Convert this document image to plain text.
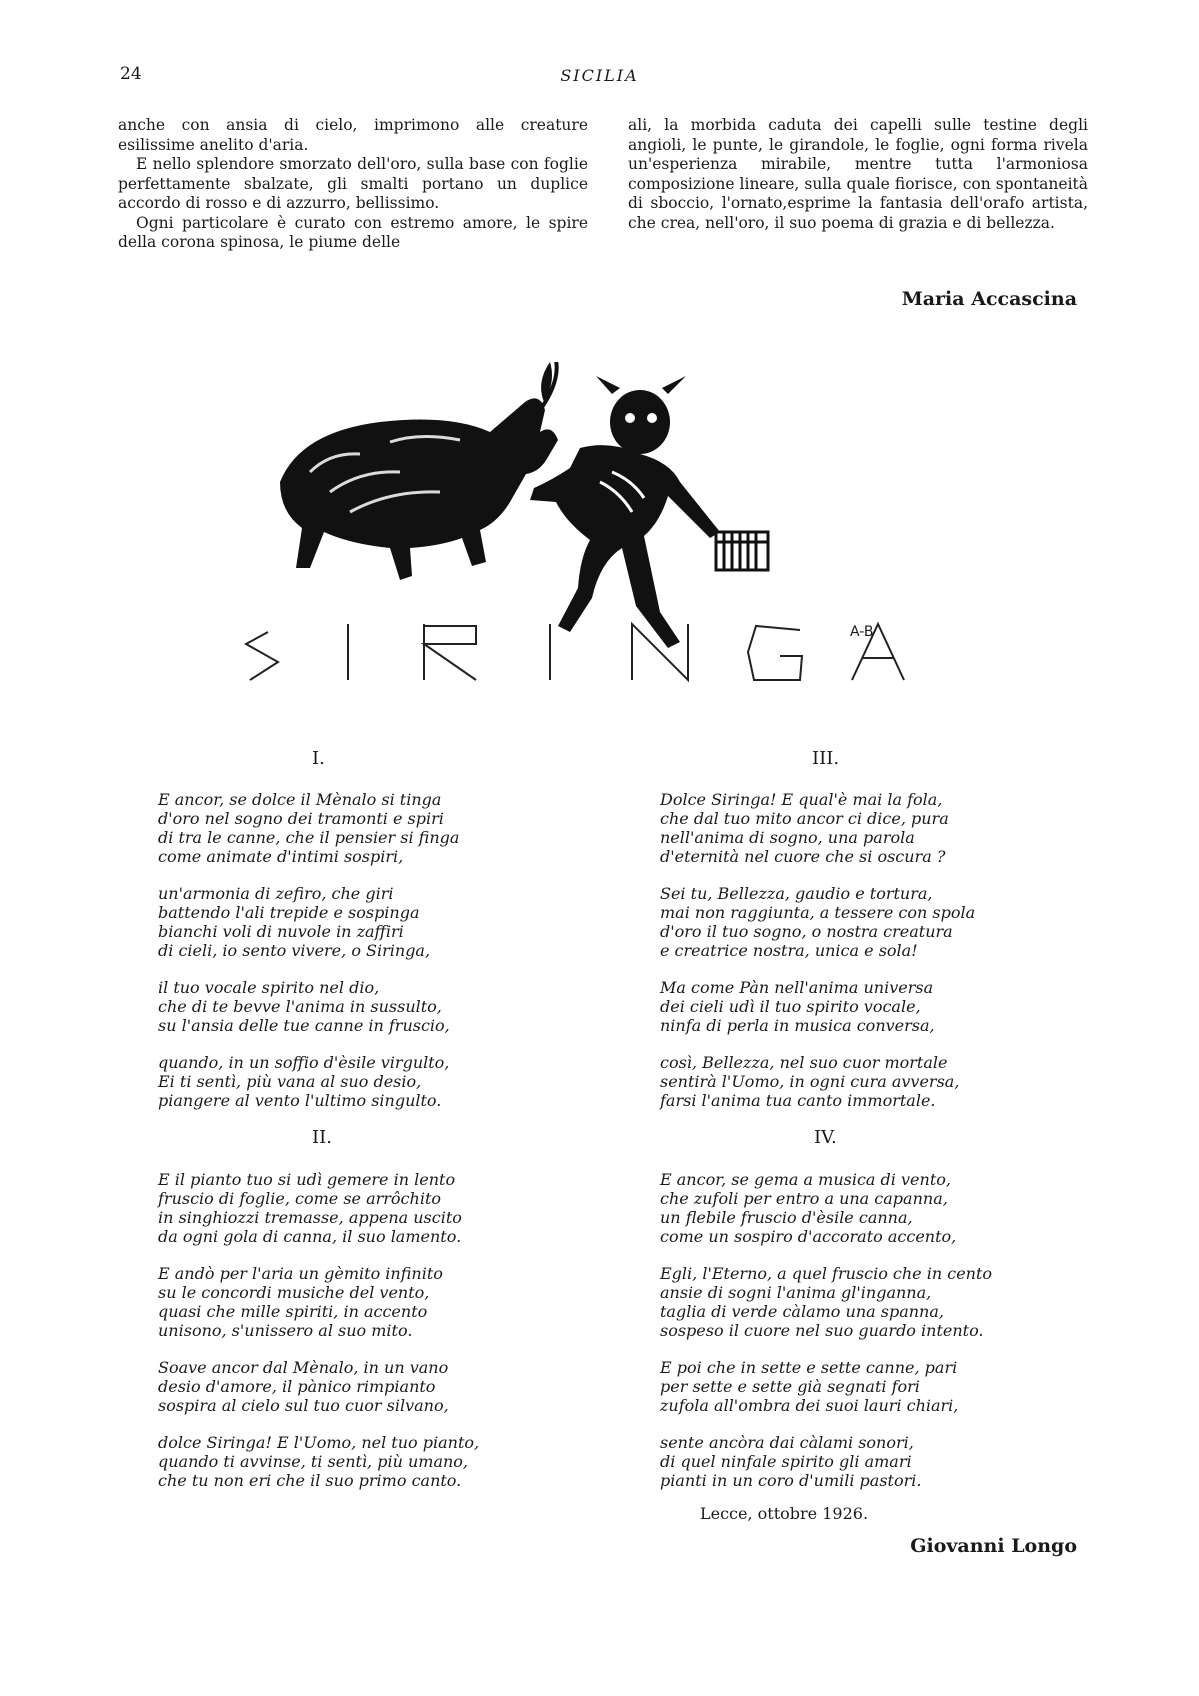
24	SICILIA

anche con ansia di cielo, imprimono alle creature esilissime anelito d'aria.

E nello splendore smorzato dell'oro, sulla base con foglie perfettamente sbalzate, gli smalti portano un duplice accordo di rosso e di azzurro, bellissimo.

Ogni particolare è curato con estremo amore, le spire della corona spinosa, le piume delle

ali, la morbida caduta dei capelli sulle testine degli angioli, le punte, le girandole, le foglie, ogni forma rivela un'esperienza mirabile, mentre tutta l'armoniosa composizione lineare, sulla quale fiorisce, con spontaneità di sboccio, l'ornato,esprime la fantasia dell'orafo artista, che crea, nell'oro, il suo poema di grazia e di bellezza.

Maria Accascina
A-B
I.	III.
II.	IV.
E ancor, se dolce il Mènalo si tinga
d'oro nel sogno dei tramonti e spiri
di tra le canne, che il pensier si finga
come animate d'intimi sospiri,
un'armonia di zefiro, che giri
battendo l'ali trepide e sospinga
bianchi voli di nuvole in zaffiri
di cieli, io sento vivere, o Siringa,
il tuo vocale spirito nel dio,
che di te bevve l'anima in sussulto,
su l'ansia delle tue canne in fruscio,
quando, in un soffio d'èsile virgulto,
Ei ti sentì, più vana al suo desio,
piangere al vento l'ultimo singulto.
Dolce Siringa! E qual'è mai la fola,
che dal tuo mito ancor ci dice, pura
nell'anima di sogno, una parola
d'eternità nel cuore che si oscura ?
Sei tu, Bellezza, gaudio e tortura,
mai non raggiunta, a tessere con spola
d'oro il tuo sogno, o nostra creatura
e creatrice nostra, unica e sola!
Ma come Pàn nell'anima universa
dei cieli udì il tuo spirito vocale,
ninfa di perla in musica conversa,
così, Bellezza, nel suo cuor mortale
sentirà l'Uomo, in ogni cura avversa,
farsi l'anima tua canto immortale.
E il pianto tuo si udì gemere in lento
fruscio di foglie, come se arrôchito
in singhiozzi tremasse, appena uscito
da ogni gola di canna, il suo lamento.
E andò per l'aria un gèmito infinito
su le concordi musiche del vento,
quasi che mille spiriti, in accento
unisono, s'unissero al suo mito.
Soave ancor dal Mènalo, in un vano
desio d'amore, il pànico rimpianto
sospira al cielo sul tuo cuor silvano,
dolce Siringa! E l'Uomo, nel tuo pianto,
quando ti avvinse, ti sentì, più umano,
che tu non eri che il suo primo canto.
E ancor, se gema a musica di vento,
che zufoli per entro a una capanna,
un flebile fruscio d'èsile canna,
come un sospiro d'accorato accento,
Egli, l'Eterno, a quel fruscio che in cento
ansie di sogni l'anima gl'inganna,
taglia di verde càlamo una spanna,
sospeso il cuore nel suo guardo intento.
E poi che in sette e sette canne, pari
per sette e sette già segnati fori
zufola all'ombra dei suoi lauri chiari,
sente ancòra dai càlami sonori,
di quel ninfale spirito gli amari
pianti in un coro d'umili pastori.
Lecce, ottobre 1926.
Giovanni Longo
